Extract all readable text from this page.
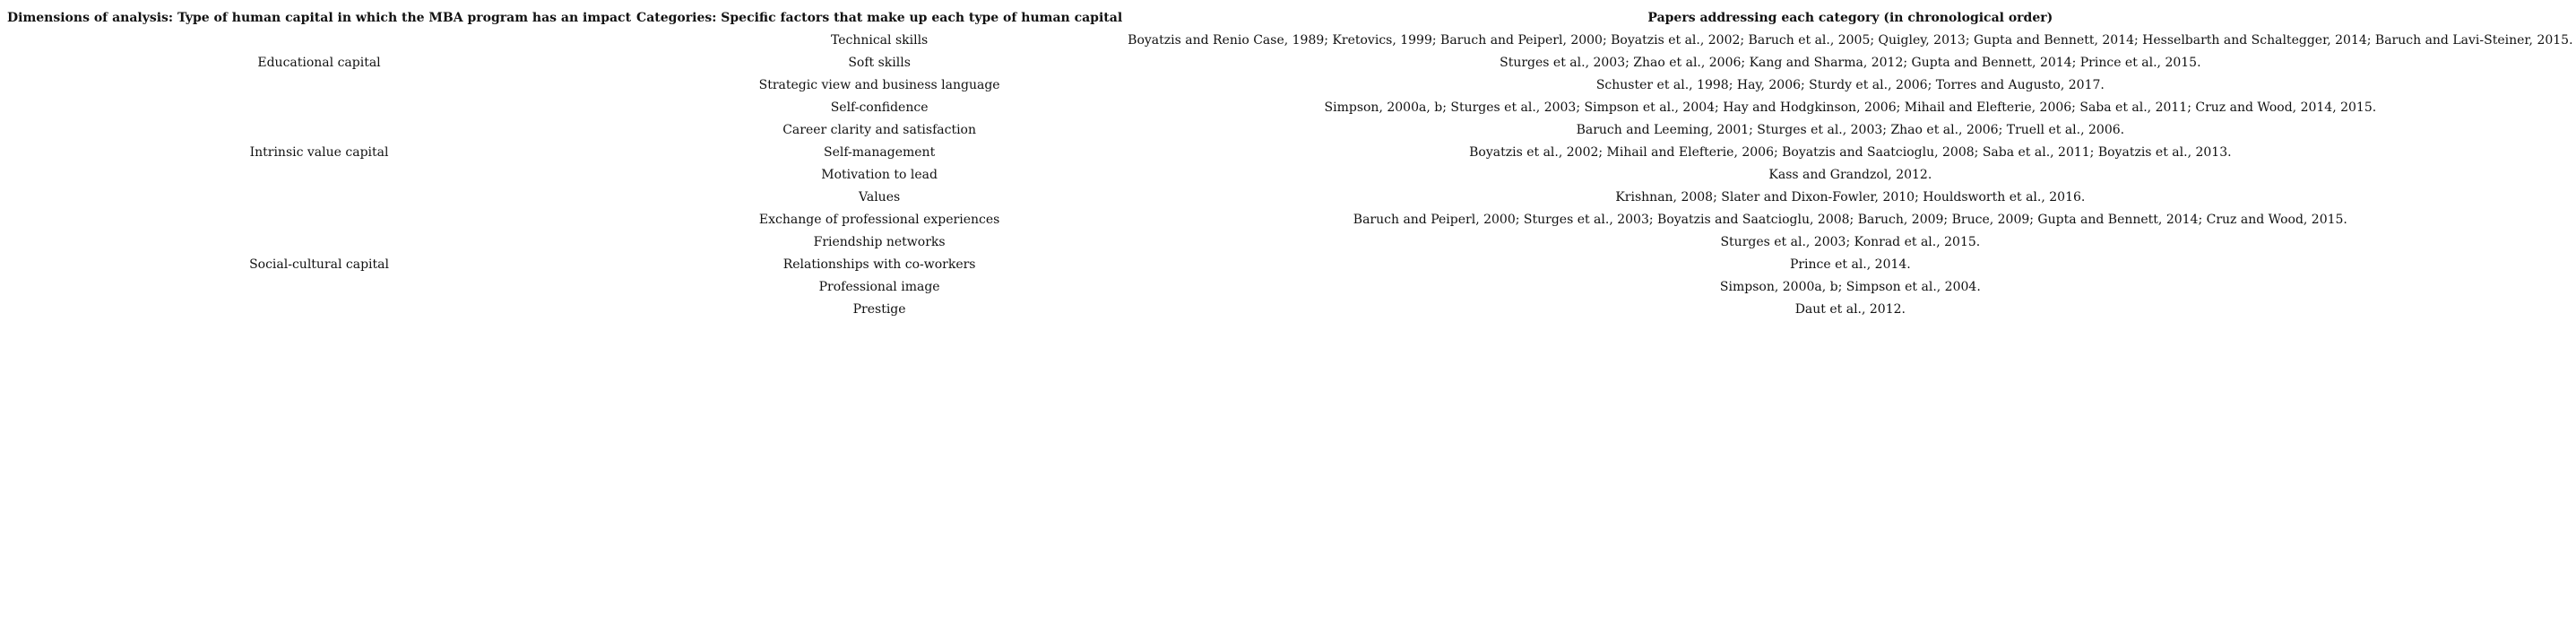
Dimensions of analysis: Type of human capital in which the MBA program has an impact	Categories: Specific factors that make up each type of human capital	Papers addressing each category (in chronological order)
Educational capital	Technical skills	Boyatzis and Renio Case, 1989; Kretovics, 1999; Baruch and Peiperl, 2000; Boyatzis et al., 2002; Baruch et al., 2005; Quigley, 2013; Gupta and Bennett, 2014; Hesselbarth and Schaltegger, 2014; Baruch and Lavi-Steiner, 2015.
	Soft skills	Sturges et al., 2003; Zhao et al., 2006; Kang and Sharma, 2012; Gupta and Bennett, 2014; Prince et al., 2015.
	Strategic view and business language	Schuster et al., 1998; Hay, 2006; Sturdy et al., 2006; Torres and Augusto, 2017.
Intrinsic value capital	Self-confidence	Simpson, 2000a, b; Sturges et al., 2003; Simpson et al., 2004; Hay and Hodgkinson, 2006; Mihail and Elefterie, 2006; Saba et al., 2011; Cruz and Wood, 2014, 2015.
	Career clarity and satisfaction	Baruch and Leeming, 2001; Sturges et al., 2003; Zhao et al., 2006; Truell et al., 2006.
	Self-management	Boyatzis et al., 2002; Mihail and Elefterie, 2006; Boyatzis and Saatcioglu, 2008; Saba et al., 2011; Boyatzis et al., 2013.
	Motivation to lead	Kass and Grandzol, 2012.
	Values	Krishnan, 2008; Slater and Dixon-Fowler, 2010; Houldsworth et al., 2016.
Social-cultural capital	Exchange of professional experiences	Baruch and Peiperl, 2000; Sturges et al., 2003; Boyatzis and Saatcioglu, 2008; Baruch, 2009; Bruce, 2009; Gupta and Bennett, 2014; Cruz and Wood, 2015.
	Friendship networks	Sturges et al., 2003; Konrad et al., 2015.
	Relationships with co-workers	Prince et al., 2014.
	Professional image	Simpson, 2000a, b; Simpson et al., 2004.
	Prestige	Daut et al., 2012.
